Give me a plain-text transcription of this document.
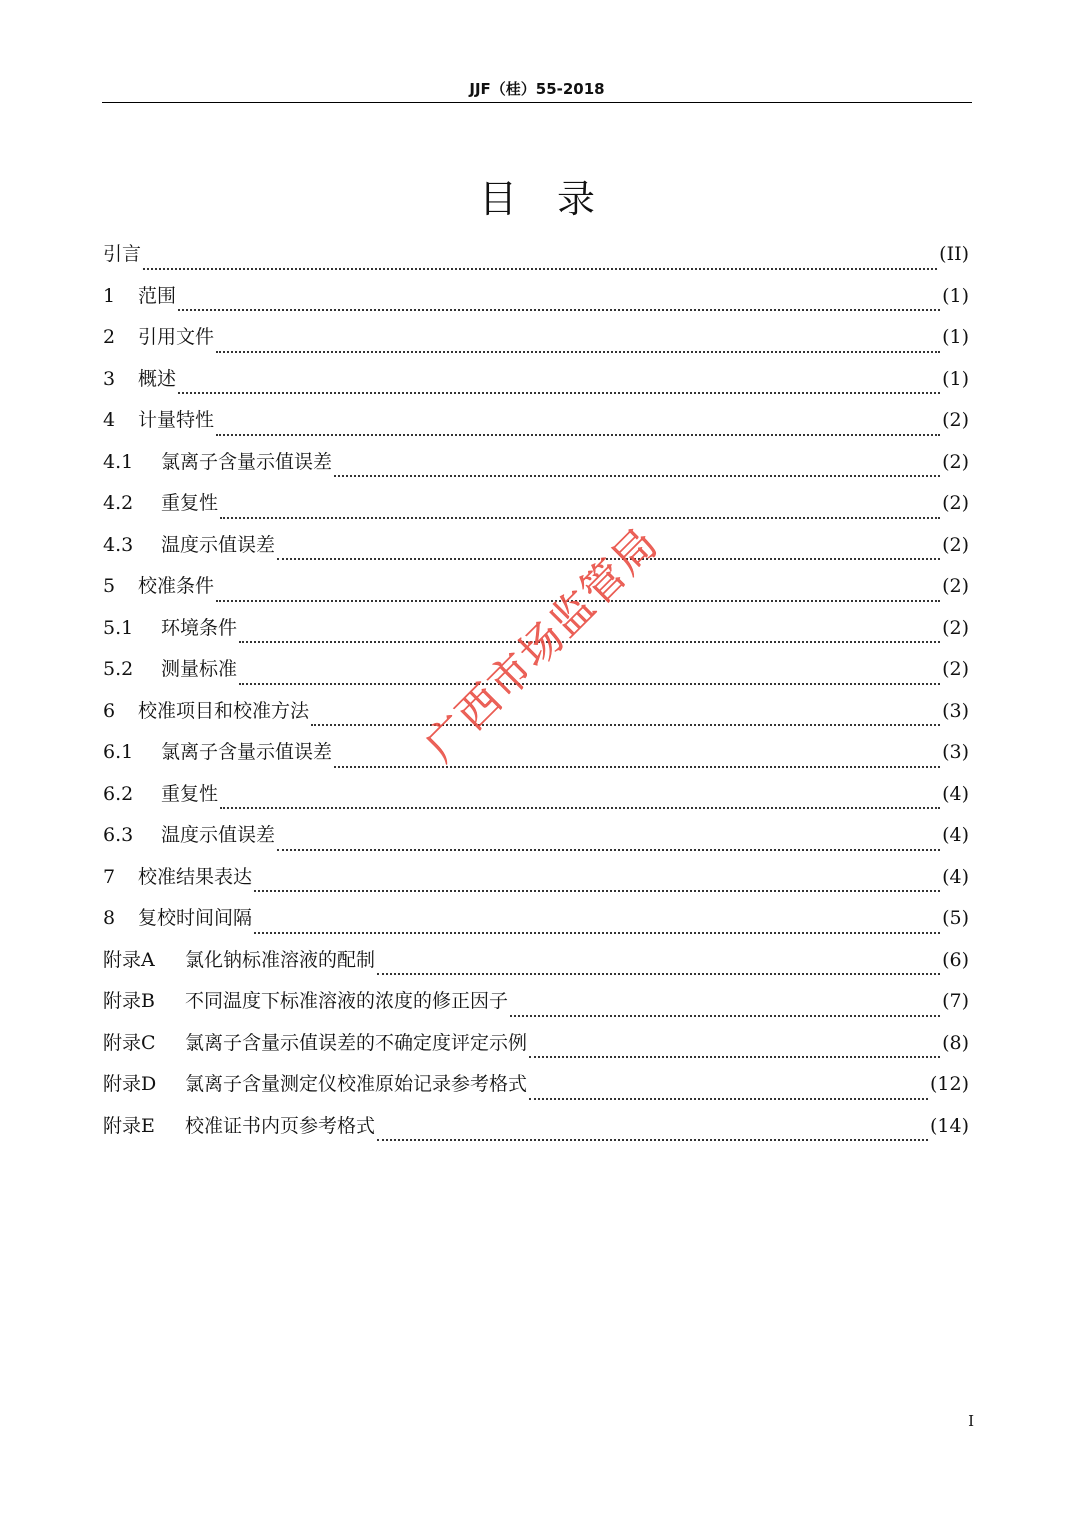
JJF（桂）55-2018
目录
引言	(II)
1	范围	(1)
2	引用文件	(1)
3	概述	(1)
4	计量特性	(2)
4.1	氯离子含量示值误差	(2)
4.2	重复性	(2)
4.3	温度示值误差	(2)
5	校准条件	(2)
5.1	环境条件	(2)
5.2	测量标准	(2)
6	校准项目和校准方法	(3)
6.1	氯离子含量示值误差	(3)
6.2	重复性	(4)
6.3	温度示值误差	(4)
7	校准结果表达	(4)
8	复校时间间隔	(5)
附录A	氯化钠标准溶液的配制	(6)
附录B	不同温度下标准溶液的浓度的修正因子	(7)
附录C	氯离子含量示值误差的不确定度评定示例	(8)
附录D	氯离子含量测定仪校准原始记录参考格式	(12)
附录E	校准证书内页参考格式	(14)
I
广西市场监管局
